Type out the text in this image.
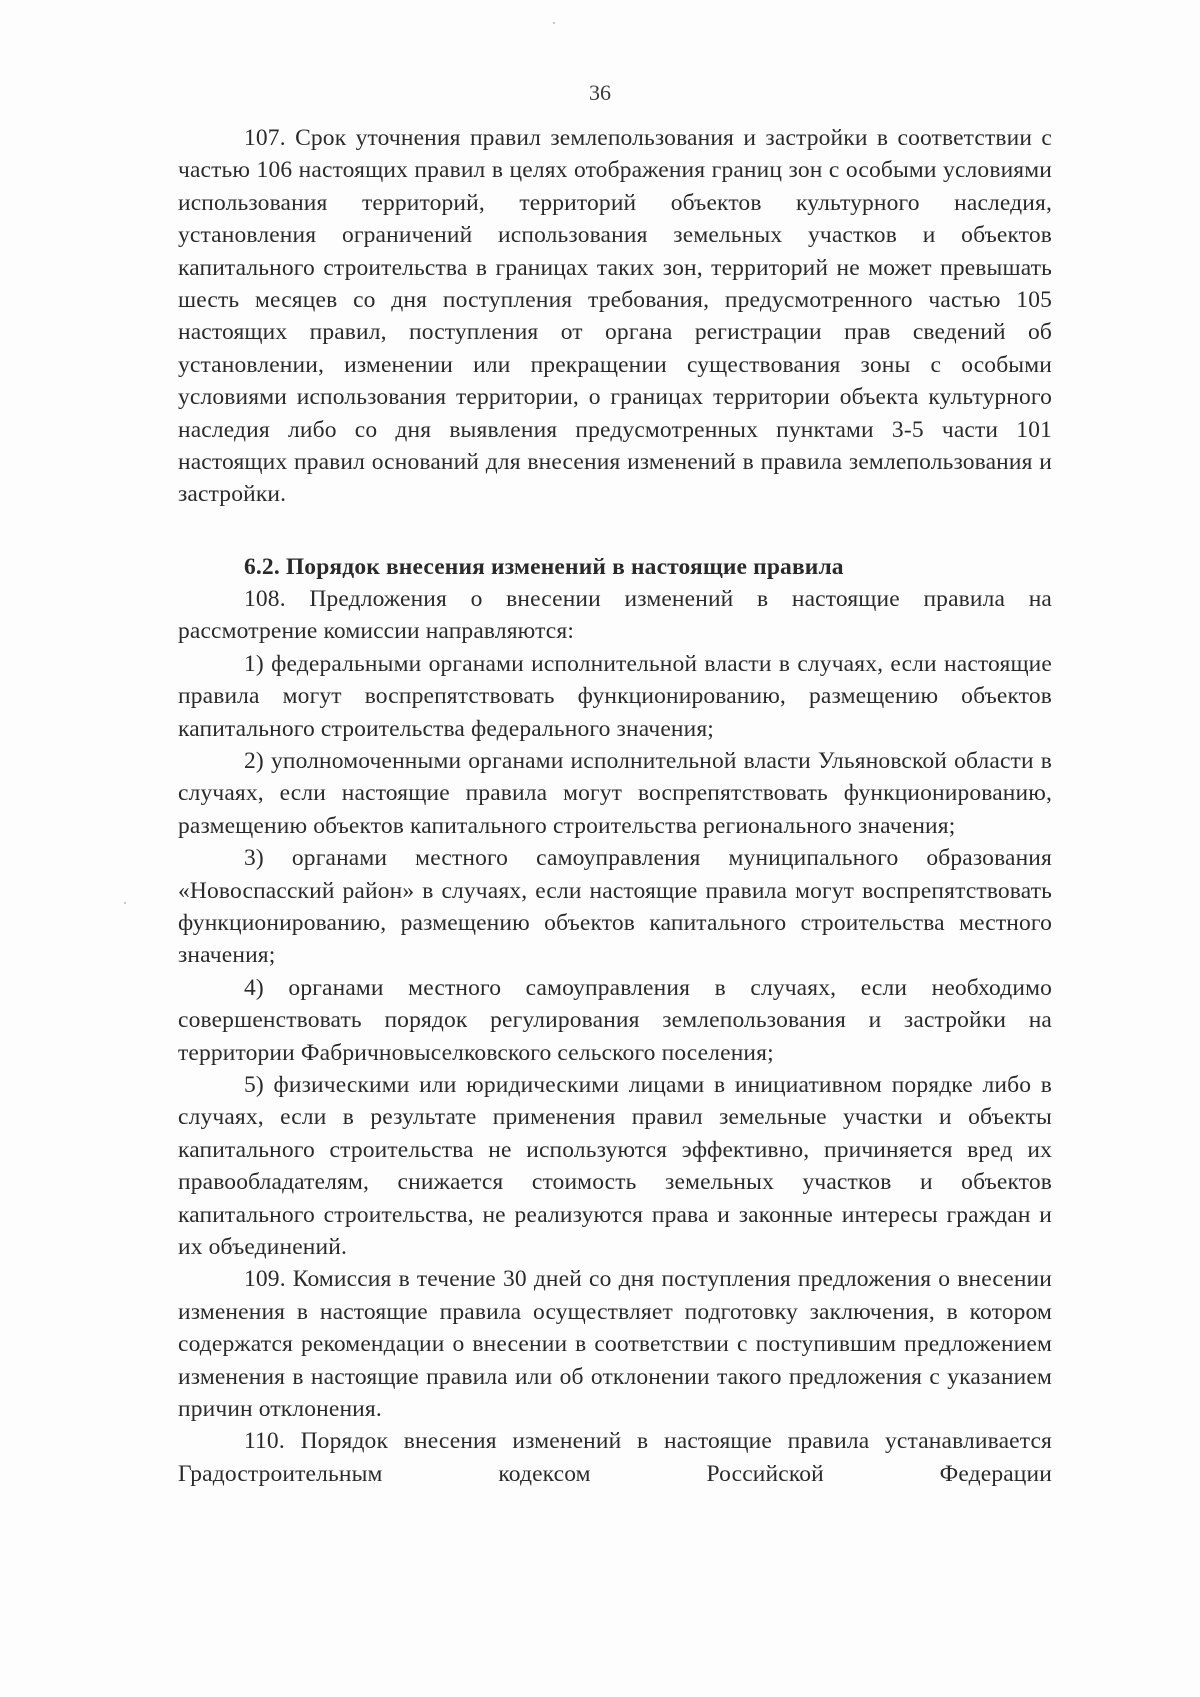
36

107. Срок уточнения правил землепользования и застройки в соответствии с частью 106 настоящих правил в целях отображения границ зон с особыми условиями использования территорий, территорий объектов культурного наследия, установления ограничений использования земельных участков и объектов капитального строительства в границах таких зон, территорий не может превышать шесть месяцев со дня поступления требования, предусмотренного частью 105 настоящих правил, поступления от органа регистрации прав сведений об установлении, изменении или прекращении существования зоны с особыми условиями использования территории, о границах территории объекта культурного наследия либо со дня выявления предусмотренных пунктами 3-5 части 101 настоящих правил оснований для внесения изменений в правила землепользования и застройки.

6.2. Порядок внесения изменений в настоящие правила

108. Предложения о внесении изменений в настоящие правила на рассмотрение комиссии направляются:

1) федеральными органами исполнительной власти в случаях, если настоящие правила могут воспрепятствовать функционированию, размещению объектов капитального строительства федерального значения;

2) уполномоченными органами исполнительной власти Ульяновской области в случаях, если настоящие правила могут воспрепятствовать функционированию, размещению объектов капитального строительства регионального значения;

3) органами местного самоуправления муниципального образования «Новоспасский район» в случаях, если настоящие правила могут воспрепятствовать функционированию, размещению объектов капитального строительства местного значения;

4) органами местного самоуправления в случаях, если необходимо совершенствовать порядок регулирования землепользования и застройки на территории Фабричновыселковского сельского поселения;

5) физическими или юридическими лицами в инициативном порядке либо в случаях, если в результате применения правил земельные участки и объекты капитального строительства не используются эффективно, причиняется вред их правообладателям, снижается стоимость земельных участков и объектов капитального строительства, не реализуются права и законные интересы граждан и их объединений.

109. Комиссия в течение 30 дней со дня поступления предложения о внесении изменения в настоящие правила осуществляет подготовку заключения, в котором содержатся рекомендации о внесении в соответствии с поступившим предложением изменения в настоящие правила или об отклонении такого предложения с указанием причин отклонения.

110. Порядок внесения изменений в настоящие правила устанавливается Градостроительным кодексом Российской Федерации
